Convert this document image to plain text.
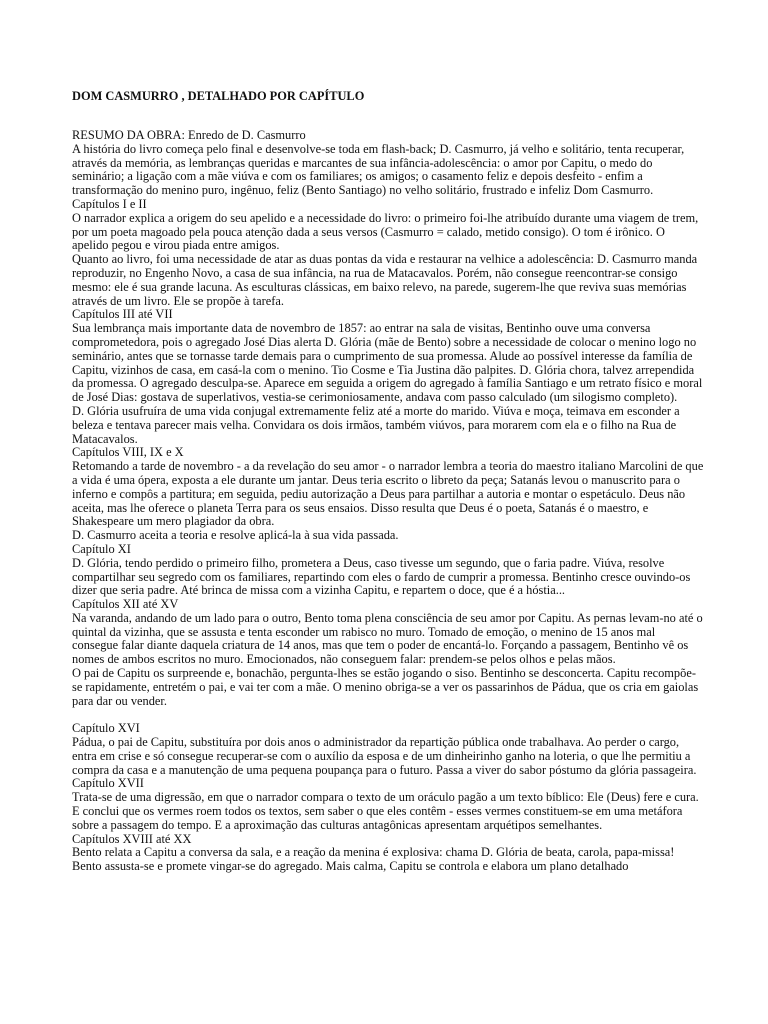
DOM CASMURRO , DETALHADO POR CAPÍTULO
RESUMO DA OBRA: Enredo de D. Casmurro
A história do livro começa pelo final e desenvolve-se toda em flash-back; D. Casmurro, já velho e solitário, tenta recuperar, através da memória, as lembranças queridas e marcantes de sua infância-adolescência: o amor por Capitu, o medo do seminário; a ligação com a mãe viúva e com os familiares; os amigos; o casamento feliz e depois desfeito - enfim a transformação do menino puro, ingênuo, feliz (Bento Santiago) no velho solitário, frustrado e infeliz Dom Casmurro.
Capítulos I e II
O narrador explica a origem do seu apelido e a necessidade do livro: o primeiro foi-lhe atribuído durante uma viagem de trem, por um poeta magoado pela pouca atenção dada a seus versos (Casmurro = calado, metido consigo). O tom é irônico. O apelido pegou e virou piada entre amigos.
Quanto ao livro, foi uma necessidade de atar as duas pontas da vida e restaurar na velhice a adolescência: D. Casmurro manda reproduzir, no Engenho Novo, a casa de sua infância, na rua de Matacavalos. Porém, não consegue reencontrar-se consigo mesmo: ele é sua grande lacuna. As esculturas clássicas, em baixo relevo, na parede, sugerem-lhe que reviva suas memórias através de um livro. Ele se propõe à tarefa.
Capítulos III até VII
Sua lembrança mais importante data de novembro de 1857: ao entrar na sala de visitas, Bentinho ouve uma conversa comprometedora, pois o agregado José Dias alerta D. Glória (mãe de Bento) sobre a necessidade de colocar o menino logo no seminário, antes que se tornasse tarde demais para o cumprimento de sua promessa. Alude ao possível interesse da família de Capitu, vizinhos de casa, em casá-la com o menino. Tio Cosme e Tia Justina dão palpites. D. Glória chora, talvez arrependida da promessa. O agregado desculpa-se. Aparece em seguida a origem do agregado à família Santiago e um retrato físico e moral de José Dias: gostava de superlativos, vestia-se cerimoniosamente, andava com passo calculado (um silogismo completo).
D. Glória usufruíra de uma vida conjugal extremamente feliz até a morte do marido. Viúva e moça, teimava em esconder a beleza e tentava parecer mais velha. Convidara os dois irmãos, também viúvos, para morarem com ela e o filho na Rua de Matacavalos.
Capítulos VIII, IX e X
Retomando a tarde de novembro - a da revelação do seu amor - o narrador lembra a teoria do maestro italiano Marcolini de que a vida é uma ópera, exposta a ele durante um jantar. Deus teria escrito o libreto da peça; Satanás levou o manuscrito para o inferno e compôs a partitura; em seguida, pediu autorização a Deus para partilhar a autoria e montar o espetáculo. Deus não aceita, mas lhe oferece o planeta Terra para os seus ensaios. Disso resulta que Deus é o poeta, Satanás é o maestro, e Shakespeare um mero plagiador da obra.
D. Casmurro aceita a teoria e resolve aplicá-la à sua vida passada.
Capítulo XI
D. Glória, tendo perdido o primeiro filho, prometera a Deus, caso tivesse um segundo, que o faria padre. Viúva, resolve compartilhar seu segredo com os familiares, repartindo com eles o fardo de cumprir a promessa. Bentinho cresce ouvindo-os dizer que seria padre. Até brinca de missa com a vizinha Capitu, e repartem o doce, que é a hóstia...
Capítulos XII até XV
Na varanda, andando de um lado para o outro, Bento toma plena consciência de seu amor por Capitu. As pernas levam-no até o quintal da vizinha, que se assusta e tenta esconder um rabisco no muro. Tomado de emoção, o menino de 15 anos mal consegue falar diante daquela criatura de 14 anos, mas que tem o poder de encantá-lo. Forçando a passagem, Bentinho vê os nomes de ambos escritos no muro. Emocionados, não conseguem falar: prendem-se pelos olhos e pelas mãos.
O pai de Capitu os surpreende e, bonachão, pergunta-lhes se estão jogando o siso. Bentinho se desconcerta. Capitu recompõe-se rapidamente, entretém o pai, e vai ter com a mãe. O menino obriga-se a ver os passarinhos de Pádua, que os cria em gaiolas para dar ou vender.
Capítulo XVI
Pádua, o pai de Capitu, substituíra por dois anos o administrador da repartição pública onde trabalhava. Ao perder o cargo, entra em crise e só consegue recuperar-se com o auxílio da esposa e de um dinheirinho ganho na loteria, o que lhe permitiu a compra da casa e a manutenção de uma pequena poupança para o futuro. Passa a viver do sabor póstumo da glória passageira.
Capítulo XVII
Trata-se de uma digressão, em que o narrador compara o texto de um oráculo pagão a um texto bíblico: Ele (Deus) fere e cura. E conclui que os vermes roem todos os textos, sem saber o que eles contêm - esses vermes constituem-se em uma metáfora sobre a passagem do tempo. E a aproximação das culturas antagônicas apresentam arquétipos semelhantes.
Capítulos XVIII até XX
Bento relata a Capitu a conversa da sala, e a reação da menina é explosiva: chama D. Glória de beata, carola, papa-missa! Bento assusta-se e promete vingar-se do agregado. Mais calma, Capitu se controla e elabora um plano detalhado
